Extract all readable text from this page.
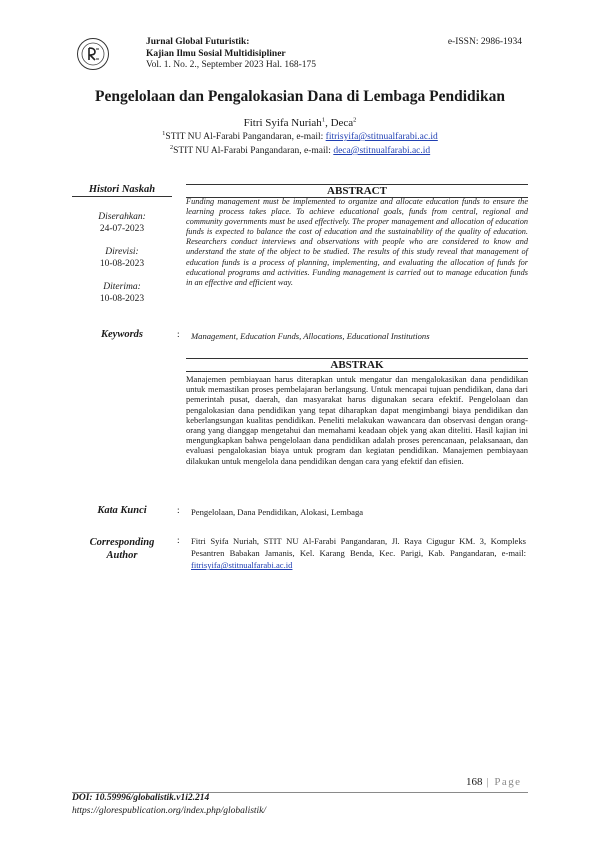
Jurnal Global Futuristik:
Kajian Ilmu Sosial Multidisipliner
Vol. 1. No. 2., September 2023 Hal. 168-175
e-ISSN: 2986-1934
Pengelolaan dan Pengalokasian Dana di Lembaga Pendidikan
Fitri Syifa Nuriah$^1$, Deca$^2$
$^1$STIT NU Al-Farabi Pangandaran, e-mail: fitrisyifa@stitnualfarabi.ac.id
$^2$STIT NU Al-Farabi Pangandaran, e-mail: deca@stitnualfarabi.ac.id
Histori Naskah
Diserahkan:
24-07-2023
Direvisi:
10-08-2023
Diterima:
10-08-2023
ABSTRACT
Funding management must be implemented to organize and allocate education funds to ensure the learning process takes place. To achieve educational goals, funds from central, regional and community governments must be used effectively. The proper management and allocation of education funds is expected to balance the cost of education and the sustainability of the quality of education. Researchers conduct interviews and observations with people who are considered to know and understand the state of the object to be studied. The results of this study reveal that management of education funds is a process of planning, implementing, and evaluating the allocation of funds for educational programs and activities. Funding management is carried out to manage education funds in an effective and efficient way.
Keywords	: Management, Education Funds, Allocations, Educational Institutions
ABSTRAK
Manajemen pembiayaan harus diterapkan untuk mengatur dan mengalokasikan dana pendidikan untuk memastikan proses pembelajaran berlangsung. Untuk mencapai tujuan pendidikan, dana dari pemerintah pusat, daerah, dan masyarakat harus digunakan secara efektif. Pengelolaan dan pengalokasian dana pendidikan yang tepat diharapkan dapat mengimbangi biaya pendidikan dan keberlangsungan kualitas pendidikan. Peneliti melakukan wawancara dan observasi dengan orang-orang yang dianggap mengetahui dan memahami keadaan objek yang akan diteliti. Hasil kajian ini mengungkapkan bahwa pengelolaan dana pendidikan adalah proses perencanaan, pelaksanaan, dan evaluasi pengalokasian biaya untuk program dan kegiatan pendidikan. Manajemen pembiayaan dilakukan untuk mengelola dana pendidikan dengan cara yang efektif dan efisien.
Kata Kunci	: Pengelolaan, Dana Pendidikan, Alokasi, Lembaga
Corresponding
Author
: Fitri Syifa Nuriah, STIT NU Al-Farabi Pangandaran, Jl. Raya Cigugur KM. 3, Kompleks Pesantren Babakan Jamanis, Kel. Karang Benda, Kec. Parigi, Kab. Pangandaran, e-mail: fitrisyifa@stitnualfarabi.ac.id
168 | Page
DOI: 10.59996/globalistik.v1i2.214
https://glorespublication.org/index.php/globalistik/
